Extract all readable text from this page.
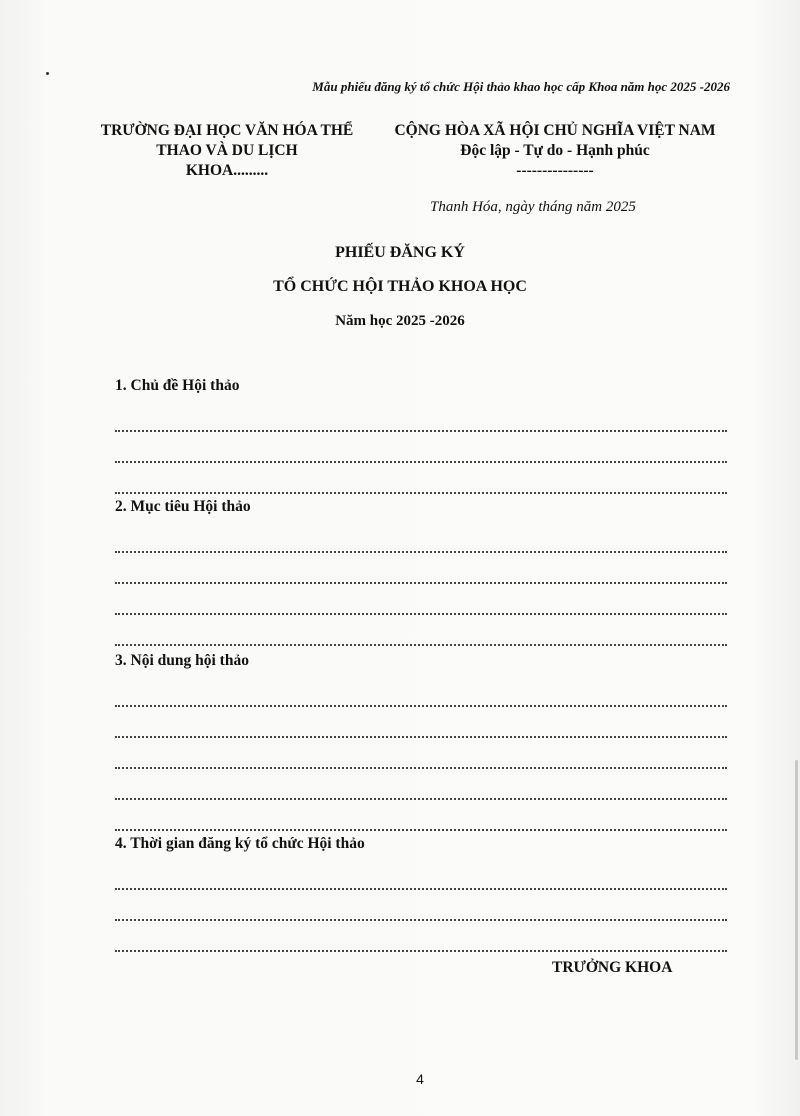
Mẫu phiếu đăng ký tổ chức Hội thảo khao học cấp Khoa năm học 2025 -2026
TRƯỜNG ĐẠI HỌC VĂN HÓA THỂ
THAO VÀ DU LỊCH
KHOA.........
CỘNG HÒA XÃ HỘI CHỦ NGHĨA VIỆT NAM
Độc lập - Tự do - Hạnh phúc
---------------
Thanh Hóa, ngày tháng năm 2025
PHIẾU ĐĂNG KÝ
TỔ CHỨC HỘI THẢO KHOA HỌC
Năm học 2025 -2026
1. Chủ đề Hội thảo
2. Mục tiêu Hội thảo
3. Nội dung hội thảo
4. Thời gian đăng ký tổ chức Hội thảo
TRƯỞNG KHOA
4
